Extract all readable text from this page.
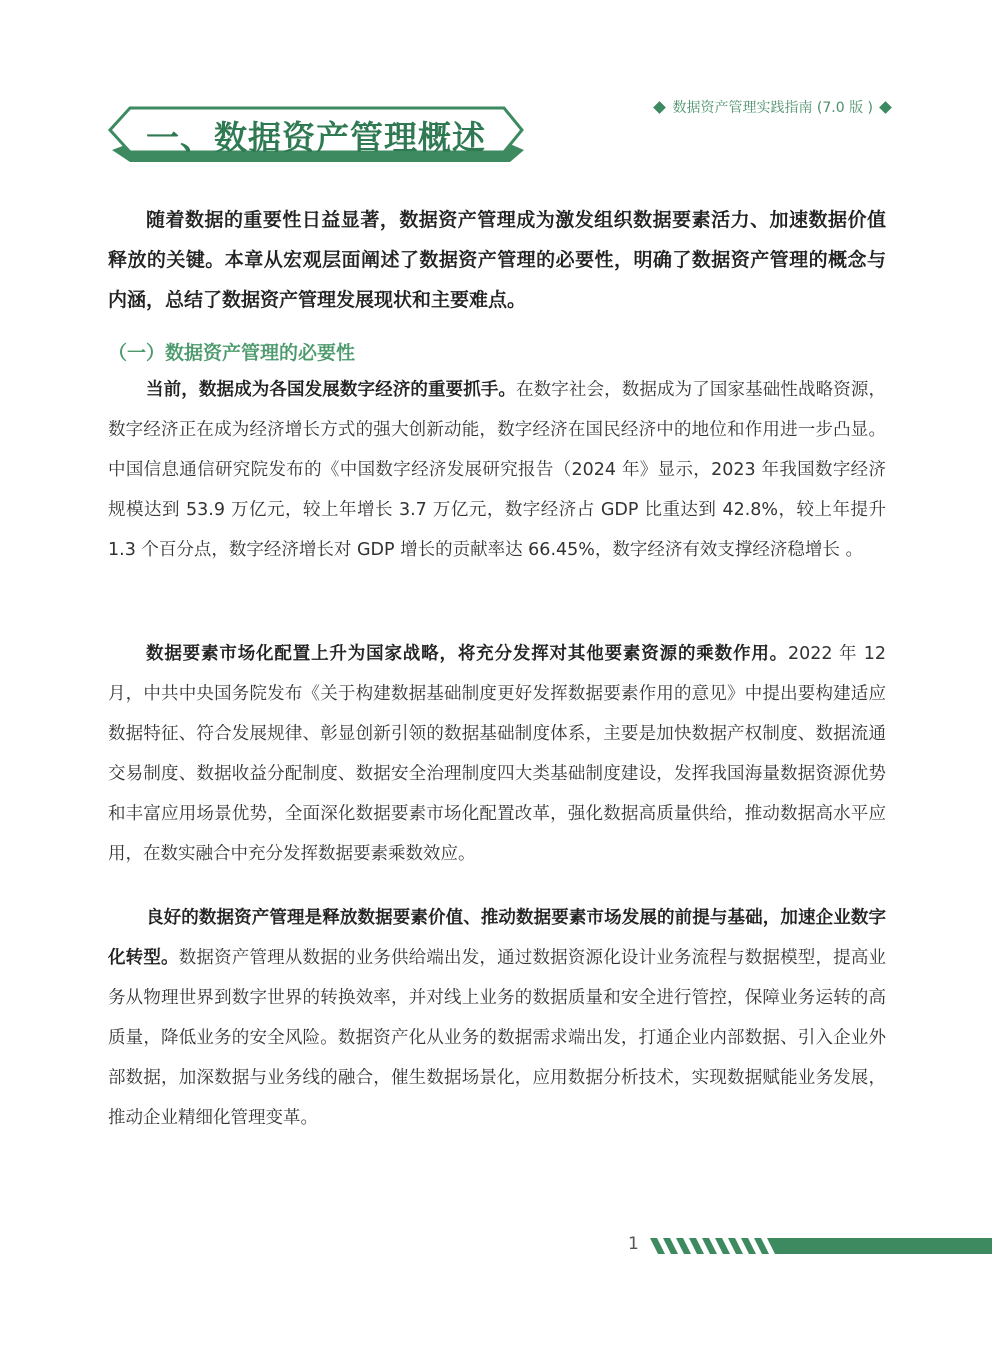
数据资产管理实践指南 (7.0 版 )
一、数据资产管理概述

随着数据的重要性日益显著，数据资产管理成为激发组织数据要素活力、加速数据价值释放的关键。本章从宏观层面阐述了数据资产管理的必要性，明确了数据资产管理的概念与内涵，总结了数据资产管理发展现状和主要难点。

（一）数据资产管理的必要性

当前，数据成为各国发展数字经济的重要抓手。在数字社会，数据成为了国家基础性战略资源，数字经济正在成为经济增长方式的强大创新动能，数字经济在国民经济中的地位和作用进一步凸显。中国信息通信研究院发布的《中国数字经济发展研究报告（2024 年》显示，2023 年我国数字经济规模达到 53.9 万亿元，较上年增长 3.7 万亿元，数字经济占 GDP 比重达到 42.8%，较上年提升 1.3 个百分点，数字经济增长对 GDP 增长的贡献率达 66.45%，数字经济有效支撑经济稳增长 。

数据要素市场化配置上升为国家战略，将充分发挥对其他要素资源的乘数作用。2022 年 12 月，中共中央国务院发布《关于构建数据基础制度更好发挥数据要素作用的意见》中提出要构建适应数据特征、符合发展规律、彰显创新引领的数据基础制度体系，主要是加快数据产权制度、数据流通交易制度、数据收益分配制度、数据安全治理制度四大类基础制度建设，发挥我国海量数据资源优势和丰富应用场景优势，全面深化数据要素市场化配置改革，强化数据高质量供给，推动数据高水平应用，在数实融合中充分发挥数据要素乘数效应。

良好的数据资产管理是释放数据要素价值、推动数据要素市场发展的前提与基础，加速企业数字化转型。数据资产管理从数据的业务供给端出发，通过数据资源化设计业务流程与数据模型，提高业务从物理世界到数字世界的转换效率，并对线上业务的数据质量和安全进行管控，保障业务运转的高质量，降低业务的安全风险。数据资产化从业务的数据需求端出发，打通企业内部数据、引入企业外部数据，加深数据与业务线的融合，催生数据场景化，应用数据分析技术，实现数据赋能业务发展，推动企业精细化管理变革。

1
